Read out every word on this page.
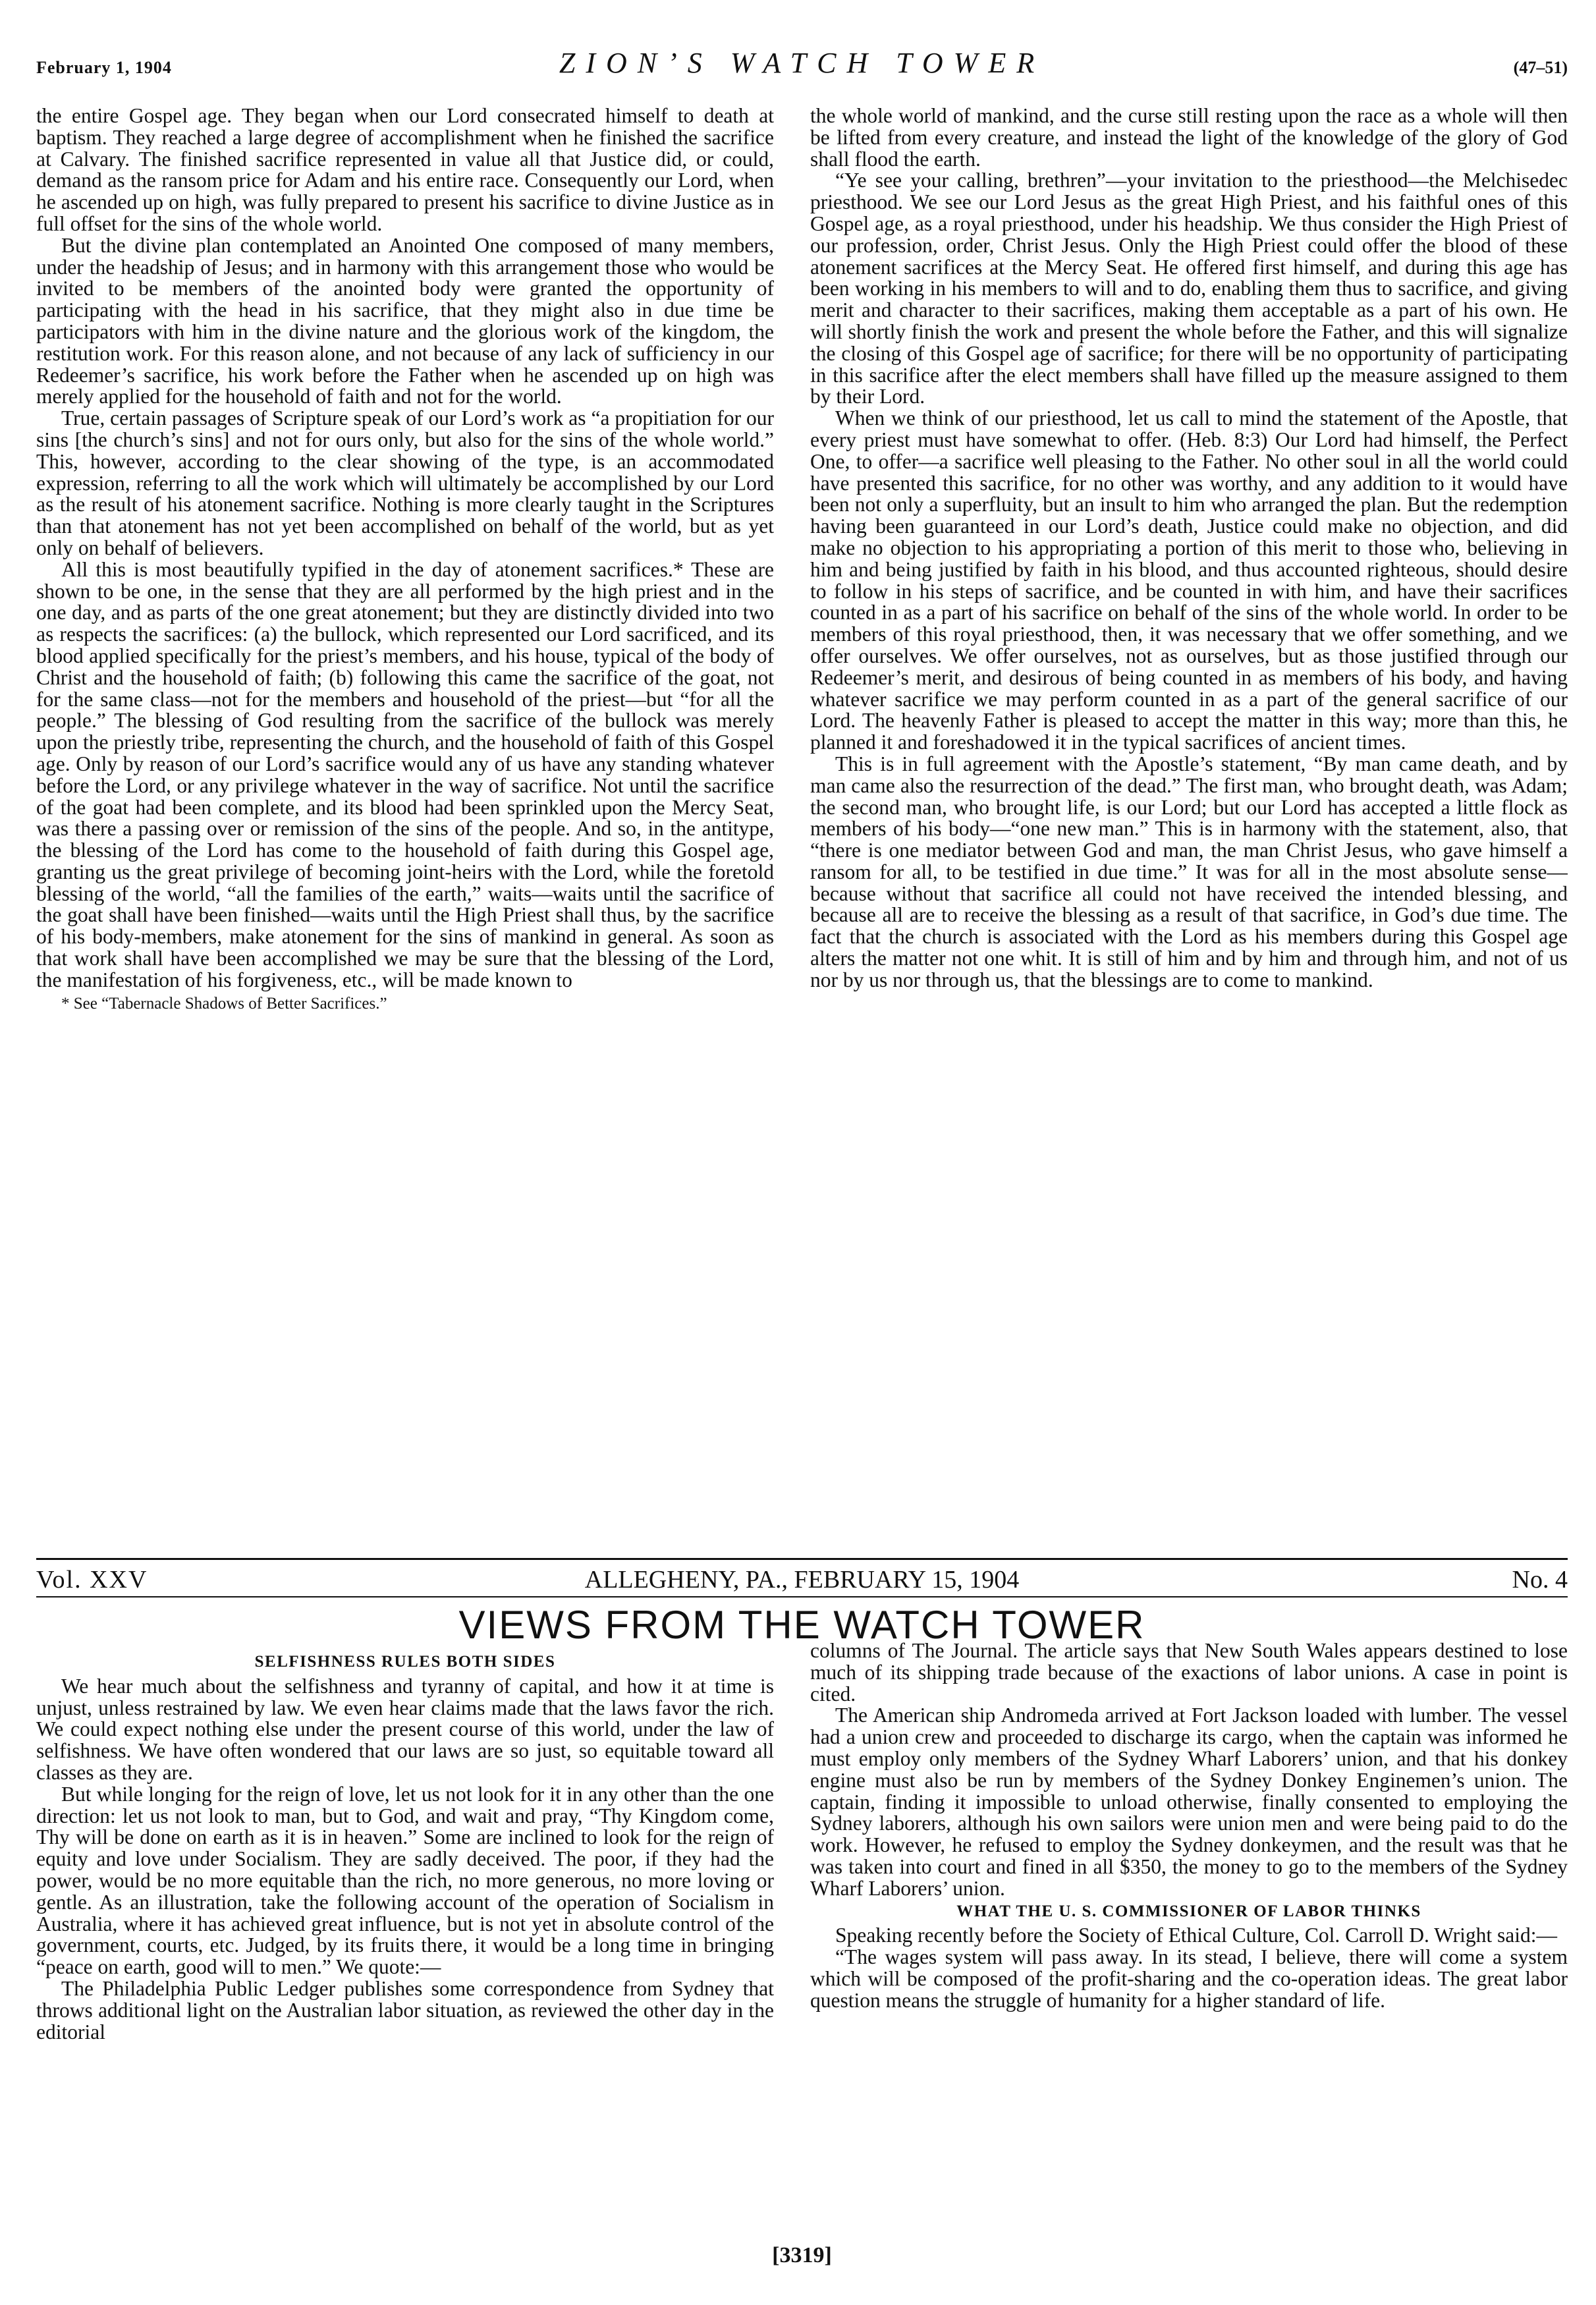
February 1, 1904	ZION’S WATCH TOWER	(47–51)

the entire Gospel age. They began when our Lord consecrated himself to death at baptism. They reached a large degree of accomplishment when he finished the sacrifice at Calvary. The finished sacrifice represented in value all that Justice did, or could, demand as the ransom price for Adam and his entire race. Consequently our Lord, when he ascended up on high, was fully prepared to present his sacrifice to divine Justice as in full offset for the sins of the whole world.

But the divine plan contemplated an Anointed One composed of many members, under the headship of Jesus; and in harmony with this arrangement those who would be invited to be members of the anointed body were granted the opportunity of participating with the head in his sacrifice, that they might also in due time be participators with him in the divine nature and the glorious work of the kingdom, the restitution work. For this reason alone, and not because of any lack of sufficiency in our Redeemer’s sacrifice, his work before the Father when he ascended up on high was merely applied for the household of faith and not for the world.

True, certain passages of Scripture speak of our Lord’s work as “a propitiation for our sins [the church’s sins] and not for ours only, but also for the sins of the whole world.” This, however, according to the clear showing of the type, is an accommodated expression, referring to all the work which will ultimately be accomplished by our Lord as the result of his atonement sacrifice. Nothing is more clearly taught in the Scriptures than that atonement has not yet been accomplished on behalf of the world, but as yet only on behalf of believers.

All this is most beautifully typified in the day of atonement sacrifices.* These are shown to be one, in the sense that they are all performed by the high priest and in the one day, and as parts of the one great atonement; but they are distinctly divided into two as respects the sacrifices: (a) the bullock, which represented our Lord sacrificed, and its blood applied specifically for the priest’s members, and his house, typical of the body of Christ and the household of faith; (b) following this came the sacrifice of the goat, not for the same class—not for the members and household of the priest—but “for all the people.” The blessing of God resulting from the sacrifice of the bullock was merely upon the priestly tribe, representing the church, and the household of faith of this Gospel age. Only by reason of our Lord’s sacrifice would any of us have any standing whatever before the Lord, or any privilege whatever in the way of sacrifice. Not until the sacrifice of the goat had been complete, and its blood had been sprinkled upon the Mercy Seat, was there a passing over or remission of the sins of the people. And so, in the antitype, the blessing of the Lord has come to the household of faith during this Gospel age, granting us the great privilege of becoming joint-heirs with the Lord, while the foretold blessing of the world, “all the families of the earth,” waits—waits until the sacrifice of the goat shall have been finished—waits until the High Priest shall thus, by the sacrifice of his body-members, make atonement for the sins of mankind in general. As soon as that work shall have been accomplished we may be sure that the blessing of the Lord, the manifestation of his forgiveness, etc., will be made known to

* See “Tabernacle Shadows of Better Sacrifices.”

the whole world of mankind, and the curse still resting upon the race as a whole will then be lifted from every creature, and instead the light of the knowledge of the glory of God shall flood the earth.

“Ye see your calling, brethren”—your invitation to the priesthood—the Melchisedec priesthood. We see our Lord Jesus as the great High Priest, and his faithful ones of this Gospel age, as a royal priesthood, under his headship. We thus consider the High Priest of our profession, order, Christ Jesus. Only the High Priest could offer the blood of these atonement sacrifices at the Mercy Seat. He offered first himself, and during this age has been working in his members to will and to do, enabling them thus to sacrifice, and giving merit and character to their sacrifices, making them acceptable as a part of his own. He will shortly finish the work and present the whole before the Father, and this will signalize the closing of this Gospel age of sacrifice; for there will be no opportunity of participating in this sacrifice after the elect members shall have filled up the measure assigned to them by their Lord.

When we think of our priesthood, let us call to mind the statement of the Apostle, that every priest must have somewhat to offer. (Heb. 8:3) Our Lord had himself, the Perfect One, to offer—a sacrifice well pleasing to the Father. No other soul in all the world could have presented this sacrifice, for no other was worthy, and any addition to it would have been not only a superfluity, but an insult to him who arranged the plan. But the redemption having been guaranteed in our Lord’s death, Justice could make no objection, and did make no objection to his appropriating a portion of this merit to those who, believing in him and being justified by faith in his blood, and thus accounted righteous, should desire to follow in his steps of sacrifice, and be counted in with him, and have their sacrifices counted in as a part of his sacrifice on behalf of the sins of the whole world. In order to be members of this royal priesthood, then, it was necessary that we offer something, and we offer ourselves. We offer ourselves, not as ourselves, but as those justified through our Redeemer’s merit, and desirous of being counted in as members of his body, and having whatever sacrifice we may perform counted in as a part of the general sacrifice of our Lord. The heavenly Father is pleased to accept the matter in this way; more than this, he planned it and foreshadowed it in the typical sacrifices of ancient times.

This is in full agreement with the Apostle’s statement, “By man came death, and by man came also the resurrection of the dead.” The first man, who brought death, was Adam; the second man, who brought life, is our Lord; but our Lord has accepted a little flock as members of his body—“one new man.” This is in harmony with the statement, also, that “there is one mediator between God and man, the man Christ Jesus, who gave himself a ransom for all, to be testified in due time.” It was for all in the most absolute sense—because without that sacrifice all could not have received the intended blessing, and because all are to receive the blessing as a result of that sacrifice, in God’s due time. The fact that the church is associated with the Lord as his members during this Gospel age alters the matter not one whit. It is still of him and by him and through him, and not of us nor by us nor through us, that the blessings are to come to mankind.

Vol. XXV	ALLEGHENY, PA., FEBRUARY 15, 1904	No. 4
VIEWS FROM THE WATCH TOWER

SELFISHNESS RULES BOTH SIDES

We hear much about the selfishness and tyranny of capital, and how it at time is unjust, unless restrained by law. We even hear claims made that the laws favor the rich. We could expect nothing else under the present course of this world, under the law of selfishness. We have often wondered that our laws are so just, so equitable toward all classes as they are.

But while longing for the reign of love, let us not look for it in any other than the one direction: let us not look to man, but to God, and wait and pray, “Thy Kingdom come, Thy will be done on earth as it is in heaven.” Some are inclined to look for the reign of equity and love under Socialism. They are sadly deceived. The poor, if they had the power, would be no more equitable than the rich, no more generous, no more loving or gentle. As an illustration, take the following account of the operation of Socialism in Australia, where it has achieved great influence, but is not yet in absolute control of the government, courts, etc. Judged, by its fruits there, it would be a long time in bringing “peace on earth, good will to men.” We quote:—

The Philadelphia Public Ledger publishes some correspondence from Sydney that throws additional light on the Australian labor situation, as reviewed the other day in the editorial

columns of The Journal. The article says that New South Wales appears destined to lose much of its shipping trade because of the exactions of labor unions. A case in point is cited.

The American ship Andromeda arrived at Fort Jackson loaded with lumber. The vessel had a union crew and proceeded to discharge its cargo, when the captain was informed he must employ only members of the Sydney Wharf Laborers’ union, and that his donkey engine must also be run by members of the Sydney Donkey Enginemen’s union. The captain, finding it impossible to unload otherwise, finally consented to employing the Sydney laborers, although his own sailors were union men and were being paid to do the work. However, he refused to employ the Sydney donkeymen, and the result was that he was taken into court and fined in all $350, the money to go to the members of the Sydney Wharf Laborers’ union.

WHAT THE U. S. COMMISSIONER OF LABOR THINKS

Speaking recently before the Society of Ethical Culture, Col. Carroll D. Wright said:—

“The wages system will pass away. In its stead, I believe, there will come a system which will be composed of the profit-sharing and the co-operation ideas. The great labor question means the struggle of humanity for a higher standard of life.

[3319]
